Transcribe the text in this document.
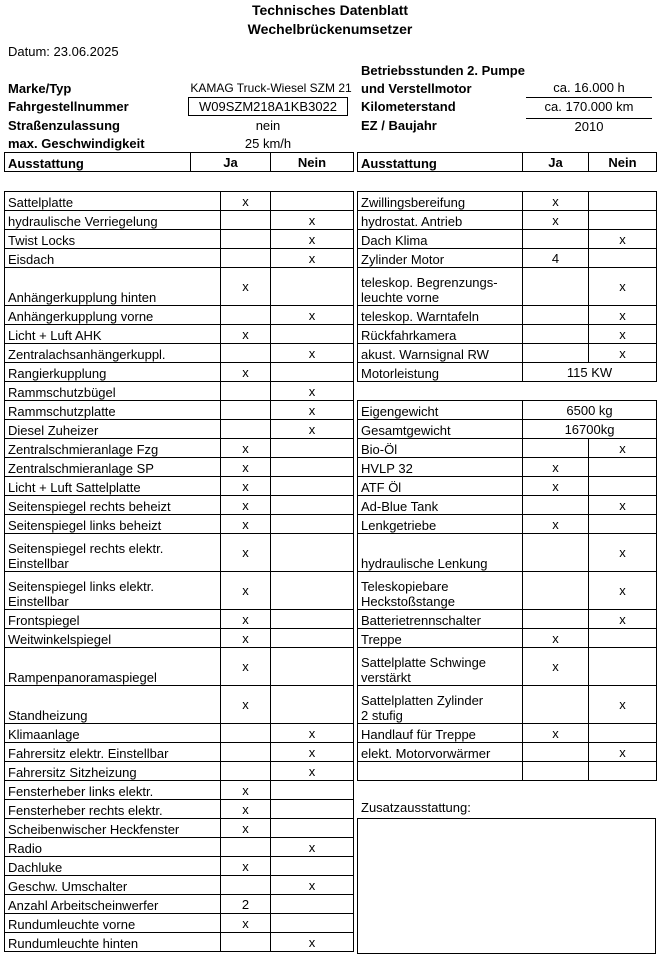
Technisches Datenblatt
Wechelbrückenumsetzer
Datum: 23.06.2025
Marke/Typ	KAMAG Truck-Wiesel SZM 21
Fahrgestellnummer	W09SZM218A1KB3022
Straßenzulassung	nein
max. Geschwindigkeit	25 km/h
Betriebsstunden 2. Pumpe
und Verstellmotor	ca. 16.000 h
Kilometerstand	ca. 170.000 km
EZ / Baujahr	2010
Ausstattung	Ja	Nein	Ausstattung	Ja	Nein
Sattelplatte	x	

hydraulische Verriegelung		x

Twist Locks		x

Eisdach		x

Anhängerkupplung hinten	x	

Anhängerkupplung vorne		x

Licht + Luft AHK	x	

Zentralachsanhängerkuppl.		x

Rangierkupplung	x	

Rammschutzbügel		x

Rammschutzplatte		x

Diesel Zuheizer		x

Zentralschmieranlage Fzg	x	

Zentralschmieranlage SP	x	

Licht + Luft Sattelplatte	x	

Seitenspiegel rechts beheizt	x	

Seitenspiegel links beheizt	x	

Seitenspiegel rechts elektr.
Einstellbar	x	

Seitenspiegel links elektr.
Einstellbar	x	

Frontspiegel	x	

Weitwinkelspiegel	x	

Rampenpanoramaspiegel	x	

Standheizung	x	

Klimaanlage		x

Fahrersitz elektr. Einstellbar		x

Fahrersitz Sitzheizung		x

Fensterheber links elektr.	x	

Fensterheber rechts elektr.	x	

Scheibenwischer Heckfenster	x	

Radio		x

Dachluke	x	

Geschw. Umschalter		x

Anzahl Arbeitscheinwerfer	2	

Rundumleuchte vorne	x	

Rundumleuchte hinten		x
Zwillingsbereifung	x	

hydrostat. Antrieb	x	

Dach Klima		x

Zylinder Motor	4	

teleskop. Begrenzungs-
leuchte vorne		x

teleskop. Warntafeln		x

Rückfahrkamera		x

akust. Warnsignal RW		x

Motorleistung	115 KW	
Eigengewicht	6500 kg	

Gesamtgewicht	16700kg	

Bio-Öl		x

HVLP 32	x	

ATF Öl	x	

Ad-Blue Tank		x

Lenkgetriebe	x	

hydraulische Lenkung		x

Teleskopiebare
Heckstoßstange		x

Batterietrennschalter		x

Treppe	x	

Sattelplatte Schwinge
verstärkt	x	

Sattelplatten Zylinder
2 stufig		x

Handlauf für Treppe	x	

elekt. Motorvorwärmer		x

Zusatzausstattung:
